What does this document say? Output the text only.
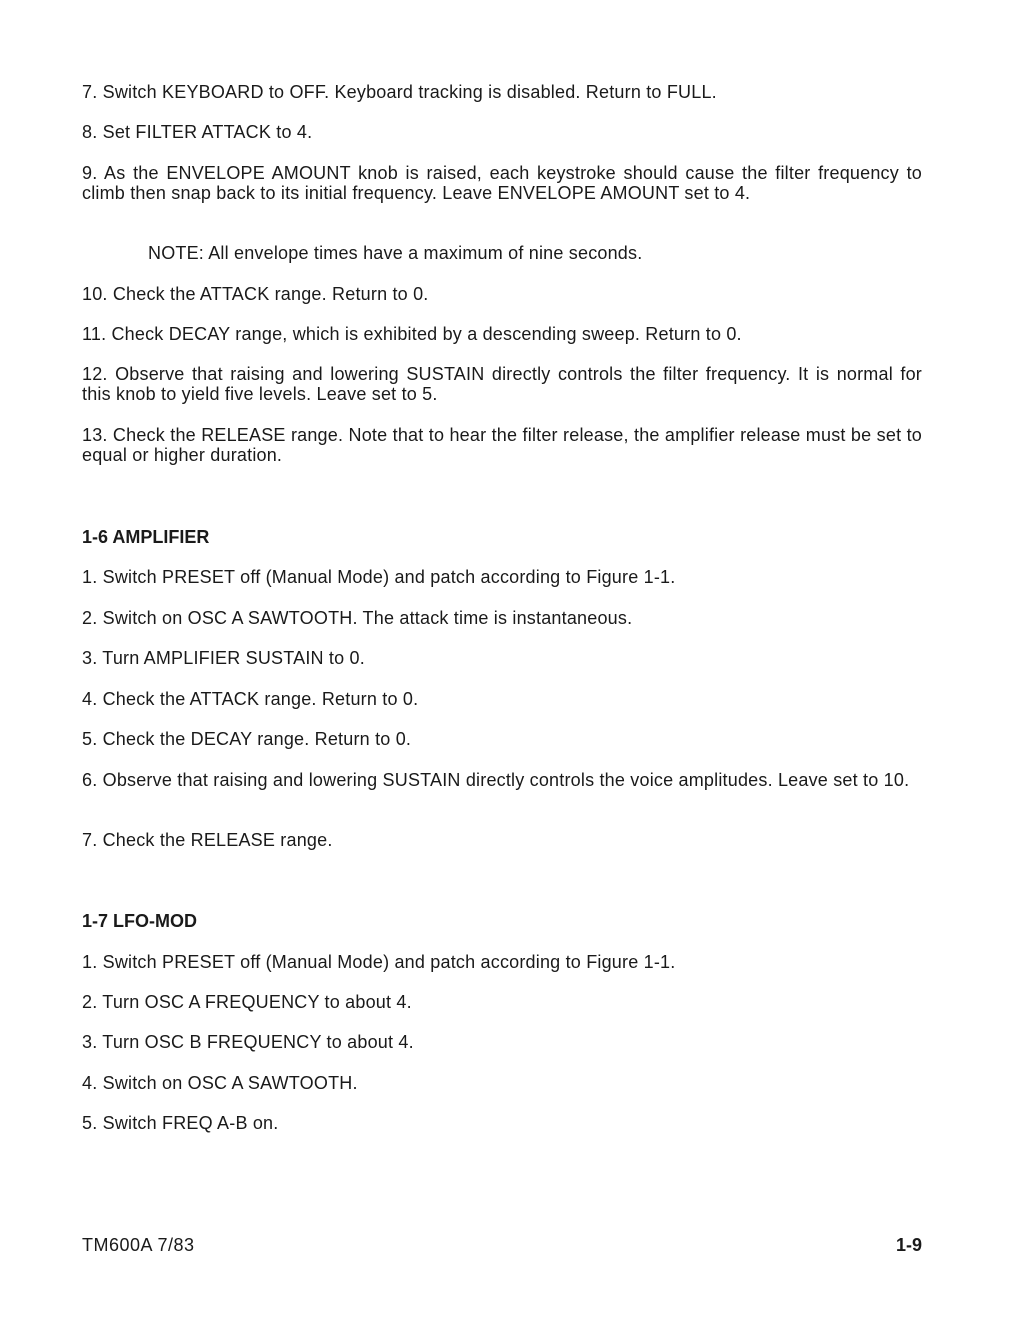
7. Switch KEYBOARD to OFF. Keyboard tracking is disabled. Return to FULL.
8. Set FILTER ATTACK to 4.
9. As the ENVELOPE AMOUNT knob is raised, each keystroke should cause the filter frequency to climb then snap back to its initial frequency. Leave ENVELOPE AMOUNT set to 4.
NOTE: All envelope times have a maximum of nine seconds.
10. Check the ATTACK range. Return to 0.
11. Check DECAY range, which is exhibited by a descending sweep. Return to 0.
12. Observe that raising and lowering SUSTAIN directly controls the filter frequency. It is normal for this knob to yield five levels. Leave set to 5.
13. Check the RELEASE range. Note that to hear the filter release, the amplifier release must be set to equal or higher duration.
1-6 AMPLIFIER
1. Switch PRESET off (Manual Mode) and patch according to Figure 1-1.
2. Switch on OSC A SAWTOOTH. The attack time is instantaneous.
3. Turn AMPLIFIER SUSTAIN to 0.
4. Check the ATTACK range. Return to 0.
5. Check the DECAY range. Return to 0.
6. Observe that raising and lowering SUSTAIN directly controls the voice amplitudes. Leave set to 10.
7. Check the RELEASE range.
1-7 LFO-MOD
1. Switch PRESET off (Manual Mode) and patch according to Figure 1-1.
2. Turn OSC A FREQUENCY to about 4.
3. Turn OSC B FREQUENCY to about 4.
4. Switch on OSC A SAWTOOTH.
5. Switch FREQ A-B on.
TM600A 7/83	1-9
